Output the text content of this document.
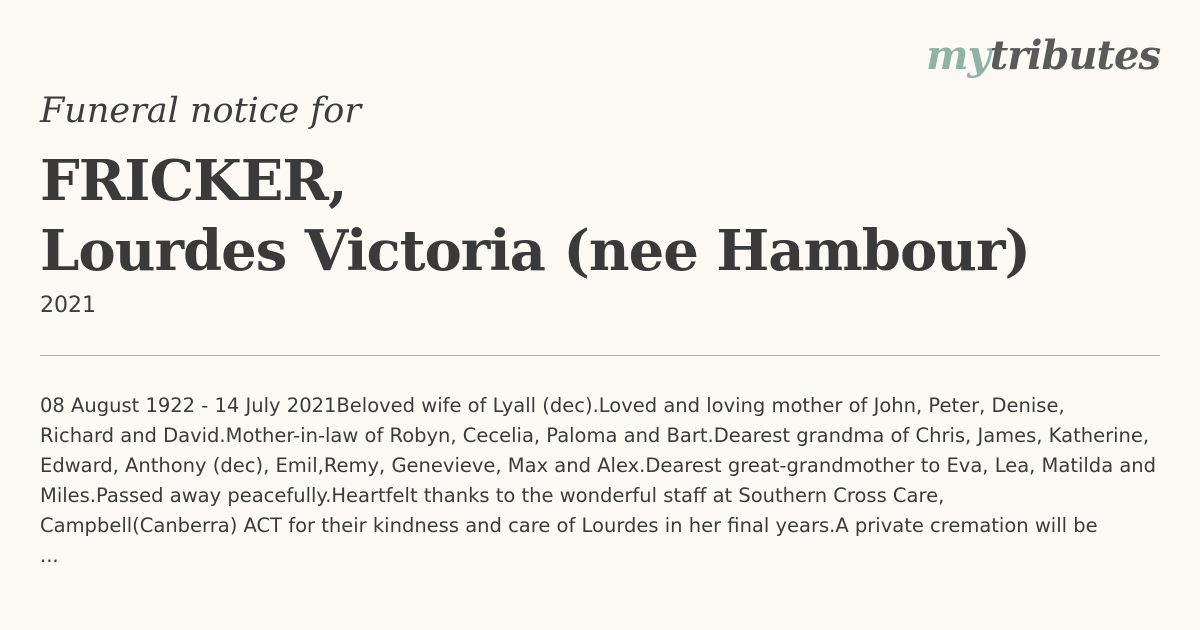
mytributes
Funeral notice for
FRICKER,
Lourdes Victoria (nee Hambour)
2021
08 August 1922 - 14 July 2021Beloved wife of Lyall (dec).Loved and loving mother of John, Peter, Denise,
Richard and David.Mother-in-law of Robyn, Cecelia, Paloma and Bart.Dearest grandma of Chris, James, Katherine,
Edward, Anthony (dec), Emil,Remy, Genevieve, Max and Alex.Dearest great-grandmother to Eva, Lea, Matilda and
Miles.Passed away peacefully.Heartfelt thanks to the wonderful staff at Southern Cross Care,
Campbell(Canberra) ACT for their kindness and care of Lourdes in her final years.A private cremation will be
...
